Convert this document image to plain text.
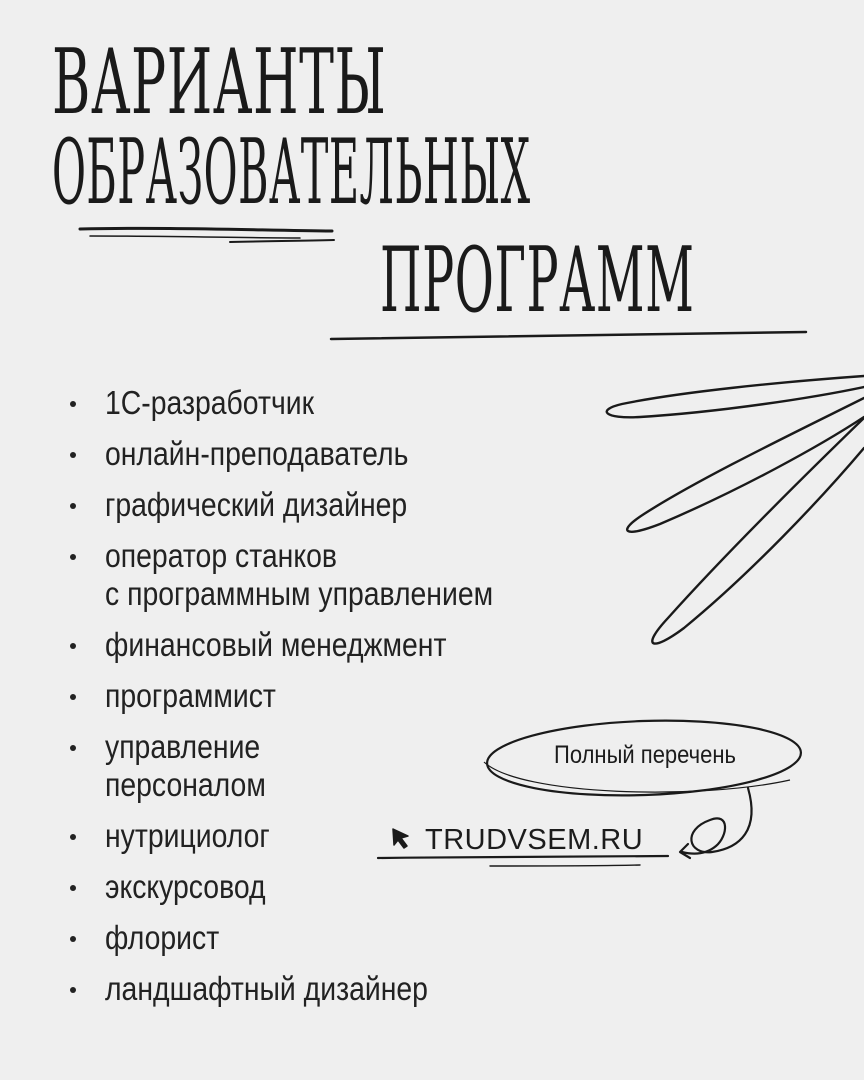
ВАРИАНТЫ
ОБРАЗОВАТЕЛЬНЫХ
ПРОГРАММ
1С-разработчик
онлайн-преподаватель
графический дизайнер
оператор станков
с программным управлением
финансовый менеджмент
программист
управление
персоналом
нутрициолог
экскурсовод
флорист
ландшафтный дизайнер
Полный перечень
TRUDVSEM.RU
